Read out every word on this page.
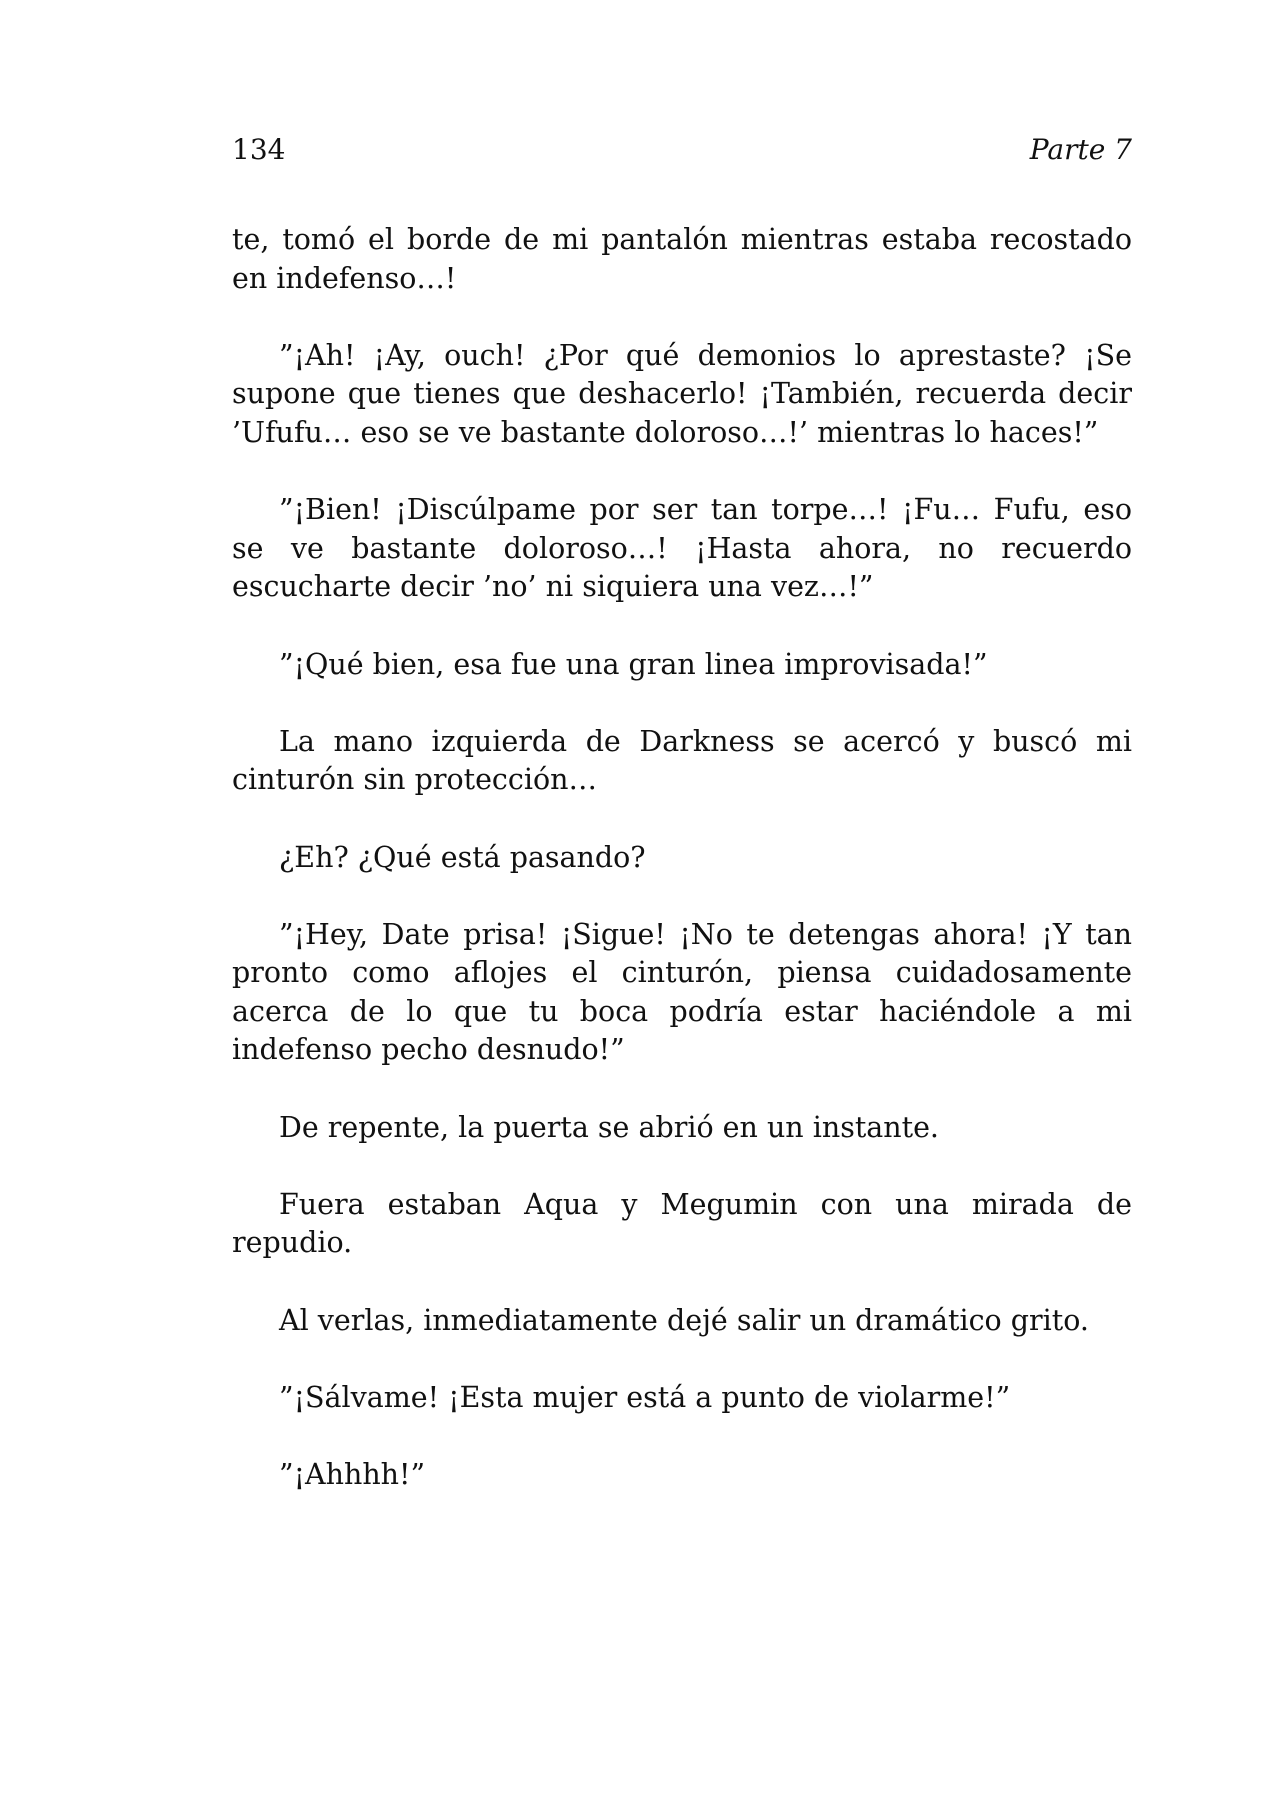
134	Parte 7

te, tomó el borde de mi pantalón mientras estaba recostado en indefenso…!

”¡Ah! ¡Ay, ouch! ¿Por qué demonios lo aprestaste? ¡Se supone que tienes que deshacerlo! ¡También, recuerda decir ’Ufufu… eso se ve bastante doloroso…!’ mientras lo haces!”

”¡Bien! ¡Discúlpame por ser tan torpe…! ¡Fu… Fufu, eso se ve bastante doloroso…! ¡Hasta ahora, no recuerdo escucharte decir ’no’ ni siquiera una vez…!”

”¡Qué bien, esa fue una gran linea improvisada!”

La mano izquierda de Darkness se acercó y buscó mi cinturón sin protección…

¿Eh? ¿Qué está pasando?

”¡Hey, Date prisa! ¡Sigue! ¡No te detengas ahora! ¡Y tan pronto como aflojes el cinturón, piensa cuidadosamente acerca de lo que tu boca podría estar haciéndole a mi indefenso pecho desnudo!”

De repente, la puerta se abrió en un instante.

Fuera estaban Aqua y Megumin con una mirada de repudio.

Al verlas, inmediatamente dejé salir un dramático grito.

”¡Sálvame! ¡Esta mujer está a punto de violarme!”

”¡Ahhhh!”
